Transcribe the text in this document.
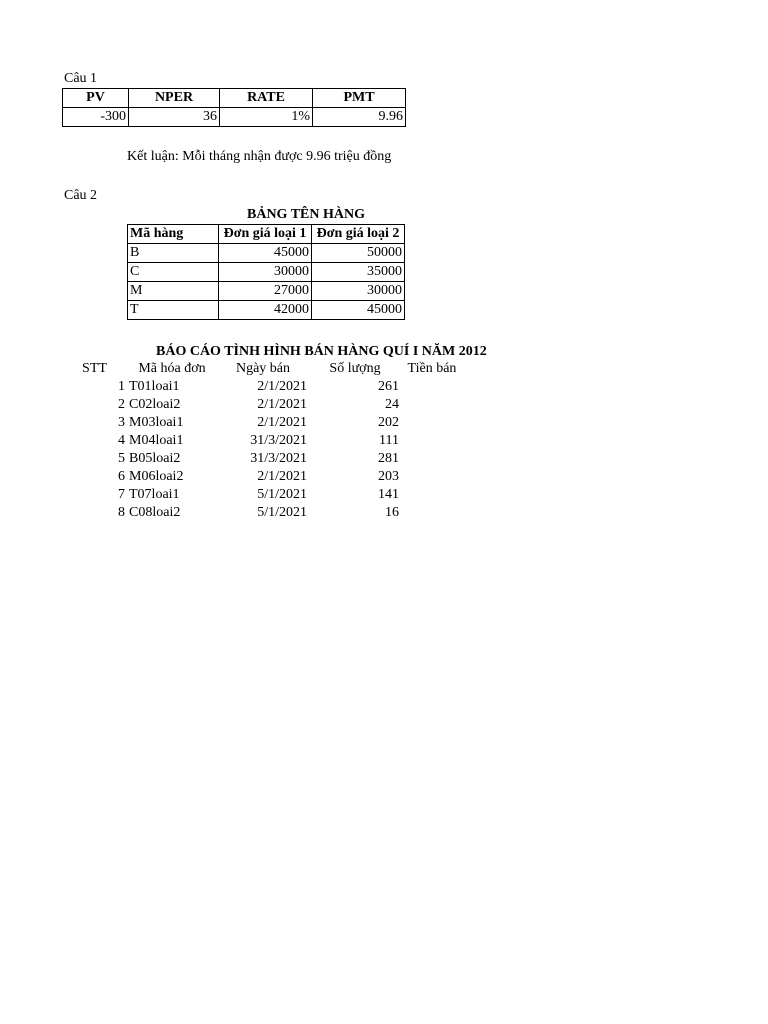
Câu 1
PV	NPER	RATE	PMT
-300	36	1%	9.96
Kết luận: Mỗi tháng nhận được 9.96 triệu đồng
Câu 2
BẢNG TÊN HÀNG
Mã hàng	Đơn giá loại 1	Đơn giá loại 2
B	45000	50000
C	30000	35000
M	27000	30000
T	42000	45000
BÁO CÁO TÌNH HÌNH BÁN HÀNG QUÍ I NĂM 2012
STT	Mã hóa đơn	Ngày bán	Số lượng	Tiền bán
1	T01loai1	2/1/2021	261	
2	C02loai2	2/1/2021	24	
3	M03loai1	2/1/2021	202	
4	M04loai1	31/3/2021	111	
5	B05loai2	31/3/2021	281	
6	M06loai2	2/1/2021	203	
7	T07loai1	5/1/2021	141	
8	C08loai2	5/1/2021	16	
